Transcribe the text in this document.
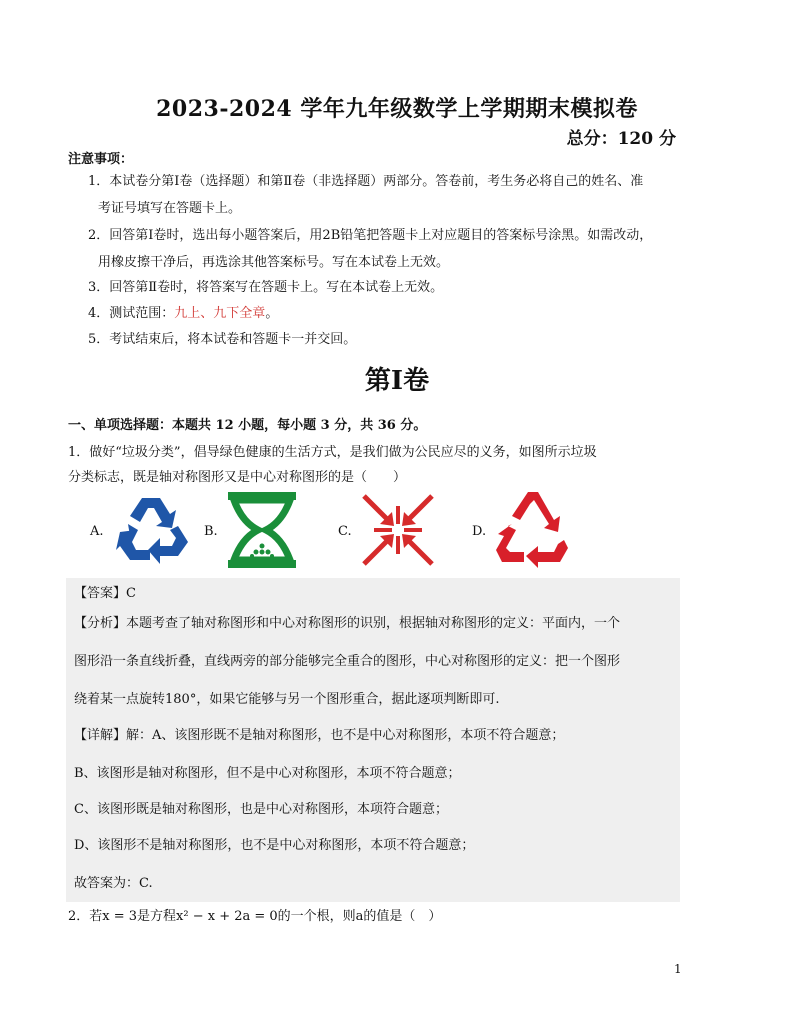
2023-2024 学年九年级数学上学期期末模拟卷
总分：120 分
注意事项：
1．本试卷分第Ⅰ卷（选择题）和第Ⅱ卷（非选择题）两部分。答卷前，考生务必将自己的姓名、准
考证号填写在答题卡上。
2．回答第Ⅰ卷时，选出每小题答案后，用2B铅笔把答题卡上对应题目的答案标号涂黑。如需改动，
用橡皮擦干净后，再选涂其他答案标号。写在本试卷上无效。
3．回答第Ⅱ卷时，将答案写在答题卡上。写在本试卷上无效。
4．测试范围：九上、九下全章。
5．考试结束后，将本试卷和答题卡一并交回。
第Ⅰ卷
一、单项选择题：本题共 12 小题，每小题 3 分，共 36 分。
1．做好“垃圾分类”，倡导绿色健康的生活方式，是我们做为公民应尽的义务，如图所示垃圾
分类标志，既是轴对称图形又是中心对称图形的是（　　）
A.	B.	C.	D.
【答案】C
【分析】本题考查了轴对称图形和中心对称图形的识别，根据轴对称图形的定义：平面内，一个
图形沿一条直线折叠，直线两旁的部分能够完全重合的图形，中心对称图形的定义：把一个图形
绕着某一点旋转180°，如果它能够与另一个图形重合，据此逐项判断即可.
【详解】解：A、该图形既不是轴对称图形，也不是中心对称图形，本项不符合题意；
B、该图形是轴对称图形，但不是中心对称图形，本项不符合题意；
C、该图形既是轴对称图形，也是中心对称图形，本项符合题意；
D、该图形不是轴对称图形，也不是中心对称图形，本项不符合题意；
故答案为：C.
2．若x = 3是方程x² − x + 2a = 0的一个根，则a的值是（　）
1
